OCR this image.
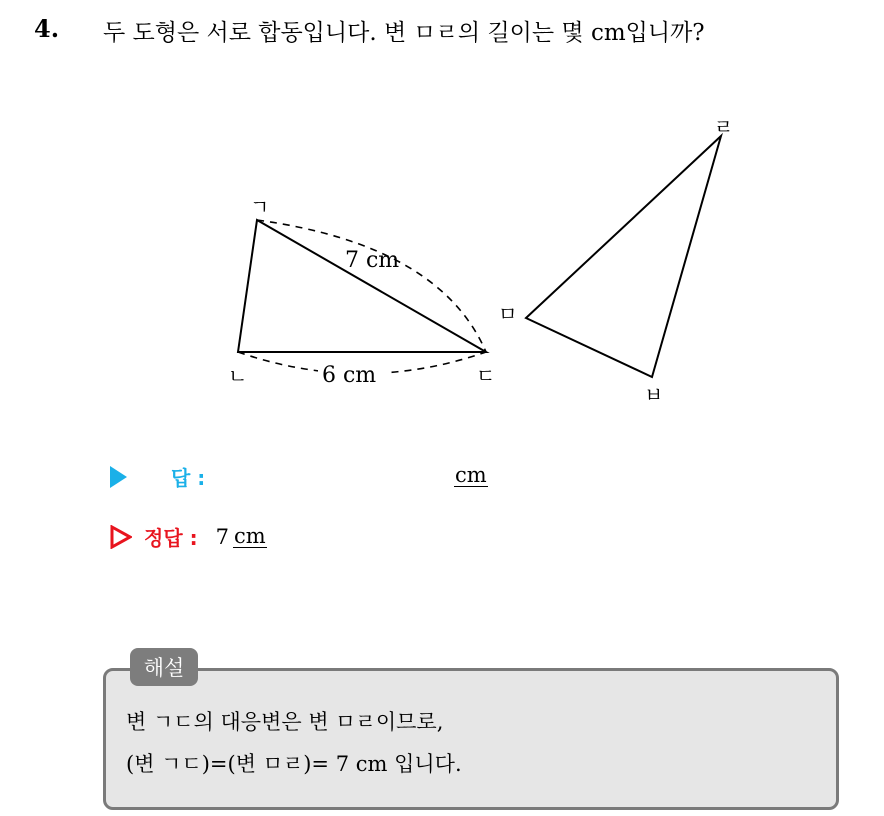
4. 두 도형은 서로 합동입니다. 변 ㅁㄹ의 길이는 몇 cm입니까?
ㄱ
ㄴ	ㄷ
7 cm
6 cm
ㄹ
ㅁ
ㅂ
답 :	cm
정답 : 7 cm
해설
변 ㄱㄷ의 대응변은 변 ㅁㄹ이므로,
(변 ㄱㄷ)=(변 ㅁㄹ)= 7 cm 입니다.
